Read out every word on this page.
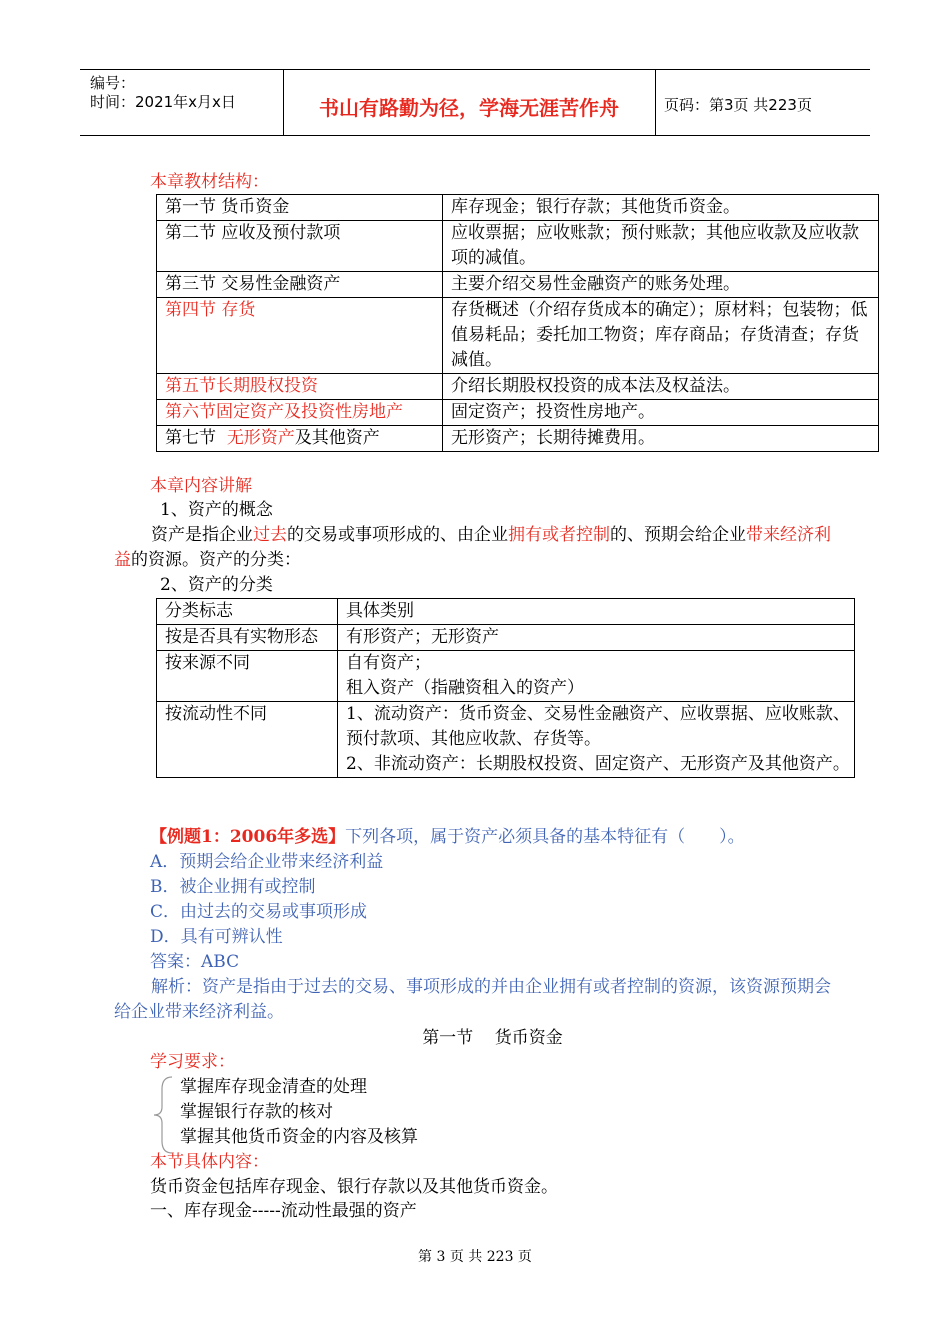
编号：
时间：2021年x月x日	书山有路勤为径，学海无涯苦作舟	页码：第3页 共223页
本章教材结构：
第一节 货币资金	库存现金；银行存款；其他货币资金。
第二节 应收及预付款项	应收票据；应收账款；预付账款；其他应收款及应收款项的减值。
第三节 交易性金融资产	主要介绍交易性金融资产的账务处理。
第四节 存货	存货概述（介绍存货成本的确定）；原材料；包装物；低值易耗品；委托加工物资；库存商品；存货清查；存货减值。
第五节长期股权投资	介绍长期股权投资的成本法及权益法。
第六节固定资产及投资性房地产	固定资产；投资性房地产。
第七节  无形资产及其他资产	无形资产；长期待摊费用。
本章内容讲解
1、资产的概念
资产是指企业过去的交易或事项形成的、由企业拥有或者控制的、预期会给企业带来经济利益的资源。资产的分类：
2、资产的分类
分类标志	具体类别
按是否具有实物形态	有形资产；无形资产
按来源不同	自有资产；
租入资产（指融资租入的资产）

按流动性不同	1、流动资产：货币资金、交易性金融资产、应收票据、应收账款、预付款项、其他应收款、存货等。
2、非流动资产：长期股权投资、固定资产、无形资产及其他资产。
【例题1：2006年多选】下列各项，属于资产必须具备的基本特征有（　　）。
A．预期会给企业带来经济利益
B．被企业拥有或控制
C．由过去的交易或事项形成
D．具有可辨认性
答案：ABC
解析：资产是指由于过去的交易、事项形成的并由企业拥有或者控制的资源，该资源预期会给企业带来经济利益。
第一节    货币资金
学习要求：
掌握库存现金清查的处理
掌握银行存款的核对
掌握其他货币资金的内容及核算
本节具体内容：
货币资金包括库存现金、银行存款以及其他货币资金。
一、库存现金-----流动性最强的资产
第 3 页 共 223 页
